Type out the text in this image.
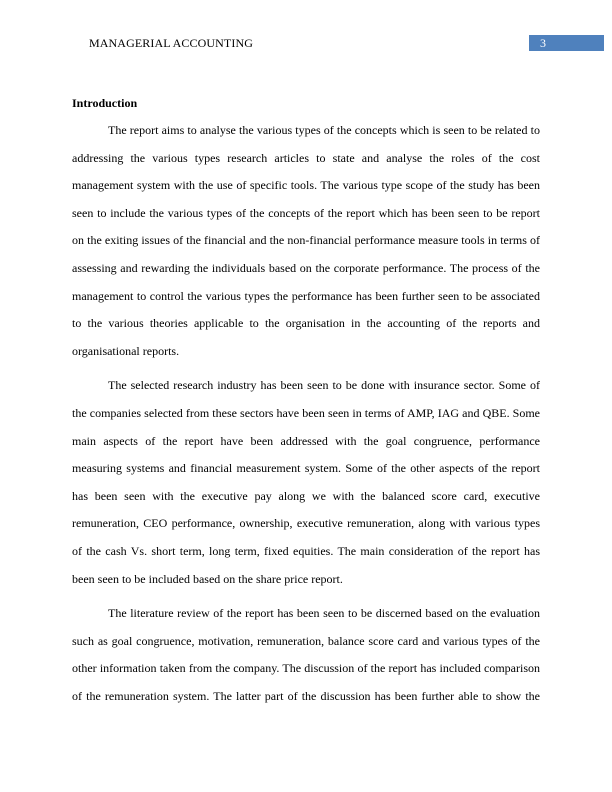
MANAGERIAL ACCOUNTING	3
Introduction

The report aims to analyse the various types of the concepts which is seen to be related to addressing the various types research articles to state and analyse the roles of the cost management system with the use of specific tools. The various type scope of the study has been seen to include the various types of the concepts of the report which has been seen to be report on the exiting issues of the financial and the non-financial performance measure tools in terms of assessing and rewarding the individuals based on the corporate performance. The process of the management to control the various types the performance has been further seen to be associated to the various theories applicable to the organisation in the accounting of the reports and organisational reports.

The selected research industry has been seen to be done with insurance sector. Some of the companies selected from these sectors have been seen in terms of AMP, IAG and QBE. Some main aspects of the report have been addressed with the goal congruence, performance measuring systems and financial measurement system. Some of the other aspects of the report has been seen with the executive pay along we with the balanced score card, executive remuneration, CEO performance, ownership, executive remuneration, along with various types of the cash Vs. short term, long term, fixed equities. The main consideration of the report has been seen to be included based on the share price report.

The literature review of the report has been seen to be discerned based on the evaluation such as goal congruence, motivation, remuneration, balance score card and various types of the other information taken from the company. The discussion of the report has included comparison of the remuneration system. The latter part of the discussion has been further able to show the
